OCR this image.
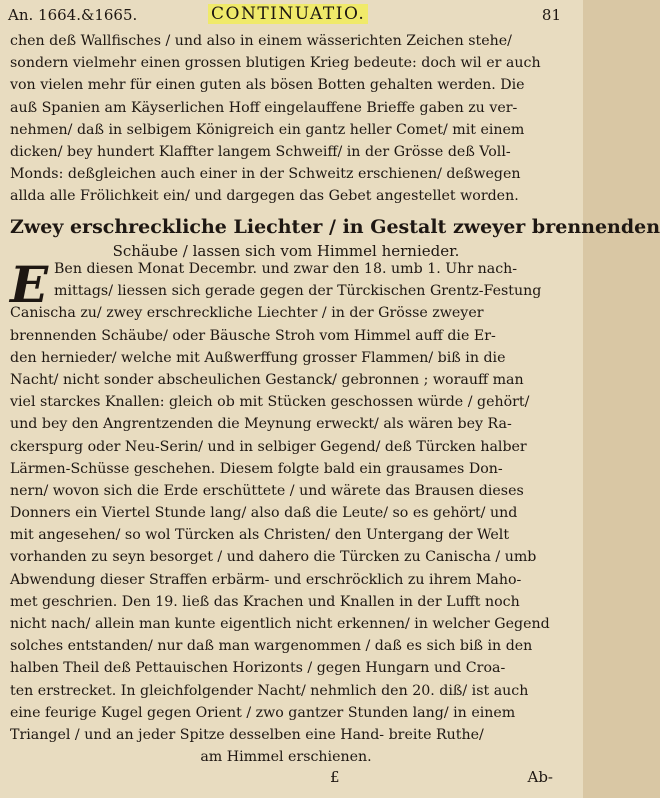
An. 1664.&1665.	CONTINUATIO.	81
chen deß Wallfisches / und also in einem wässerichten Zeichen stehe/
sondern vielmehr einen grossen blutigen Krieg bedeute: doch wil er auch
von vielen mehr für einen guten als bösen Botten gehalten werden. Die
auß Spanien am Käyserlichen Hoff eingelauffene Brieffe gaben zu ver-
nehmen/ daß in selbigem Königreich ein gantz heller Comet/ mit einem
dicken/ bey hundert Klaffter langem Schweiff/ in der Grösse deß Voll-
Monds: deßgleichen auch einer in der Schweitz erschienen/ deßwegen
allda alle Frölichkeit ein/ und dargegen das Gebet angestellet worden.
Zwey erschreckliche Liechter / in Gestalt zweyer brennenden
Schäube / lassen sich vom Himmel hernieder.
E Ben diesen Monat Decembr. und zwar den 18. umb 1. Uhr nach-
mittags/ liessen sich gerade gegen der Türckischen Grentz-Festung
Canischa zu/ zwey erschreckliche Liechter / in der Grösse zweyer
brennenden Schäube/ oder Bäusche Stroh vom Himmel auff die Er-
den hernieder/ welche mit Außwerffung grosser Flammen/ biß in die
Nacht/ nicht sonder abscheulichen Gestanck/ gebronnen ; worauff man
viel starckes Knallen: gleich ob mit Stücken geschossen würde / gehört/
und bey den Angrentzenden die Meynung erweckt/ als wären bey Ra-
ckerspurg oder Neu-Serin/ und in selbiger Gegend/ deß Türcken halber
Lärmen-Schüsse geschehen. Diesem folgte bald ein grausames Don-
nern/ wovon sich die Erde erschüttete / und wärete das Brausen dieses
Donners ein Viertel Stunde lang/ also daß die Leute/ so es gehört/ und
mit angesehen/ so wol Türcken als Christen/ den Untergang der Welt
vorhanden zu seyn besorget / und dahero die Türcken zu Canischa / umb
Abwendung dieser Straffen erbärm- und erschröcklich zu ihrem Maho-
met geschrien. Den 19. ließ das Krachen und Knallen in der Lufft noch
nicht nach/ allein man kunte eigentlich nicht erkennen/ in welcher Gegend
solches entstanden/ nur daß man wargenommen / daß es sich biß in den
halben Theil deß Pettauischen Horizonts / gegen Hungarn und Croa-
ten erstrecket. In gleichfolgender Nacht/ nehmlich den 20. diß/ ist auch
eine feurige Kugel gegen Orient / zwo gantzer Stunden lang/ in einem
Triangel / und an jeder Spitze desselben eine Hand- breite Ruthe/
am Himmel erschienen.
£	Ab-
